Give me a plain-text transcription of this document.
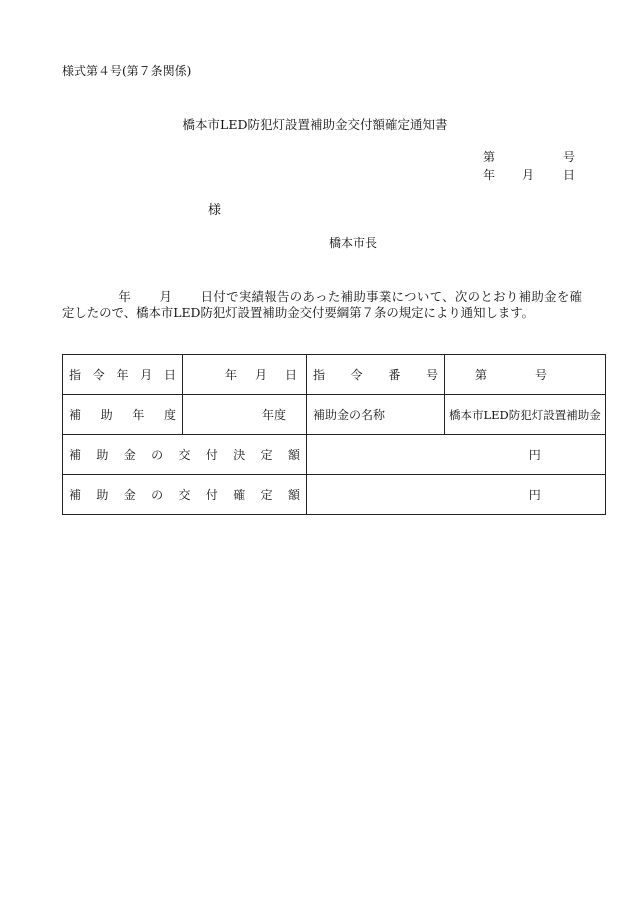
様式第４号(第７条関係)
橋本市LED防犯灯設置補助金交付額確定通知書
第	号
年 月 日
様
橋本市長
年 月 日付で実績報告のあった補助事業について、次のとおり補助金を確定したので、橋本市LED防犯灯設置補助金交付要綱第７条の規定により通知します。
指令年月日	年 月 日	指令番号	第 号
補助年度	年度	補助金の名称	橋本市LED防犯灯設置補助金
補助金の交付決定額		円	
補助金の交付確定額		円	
